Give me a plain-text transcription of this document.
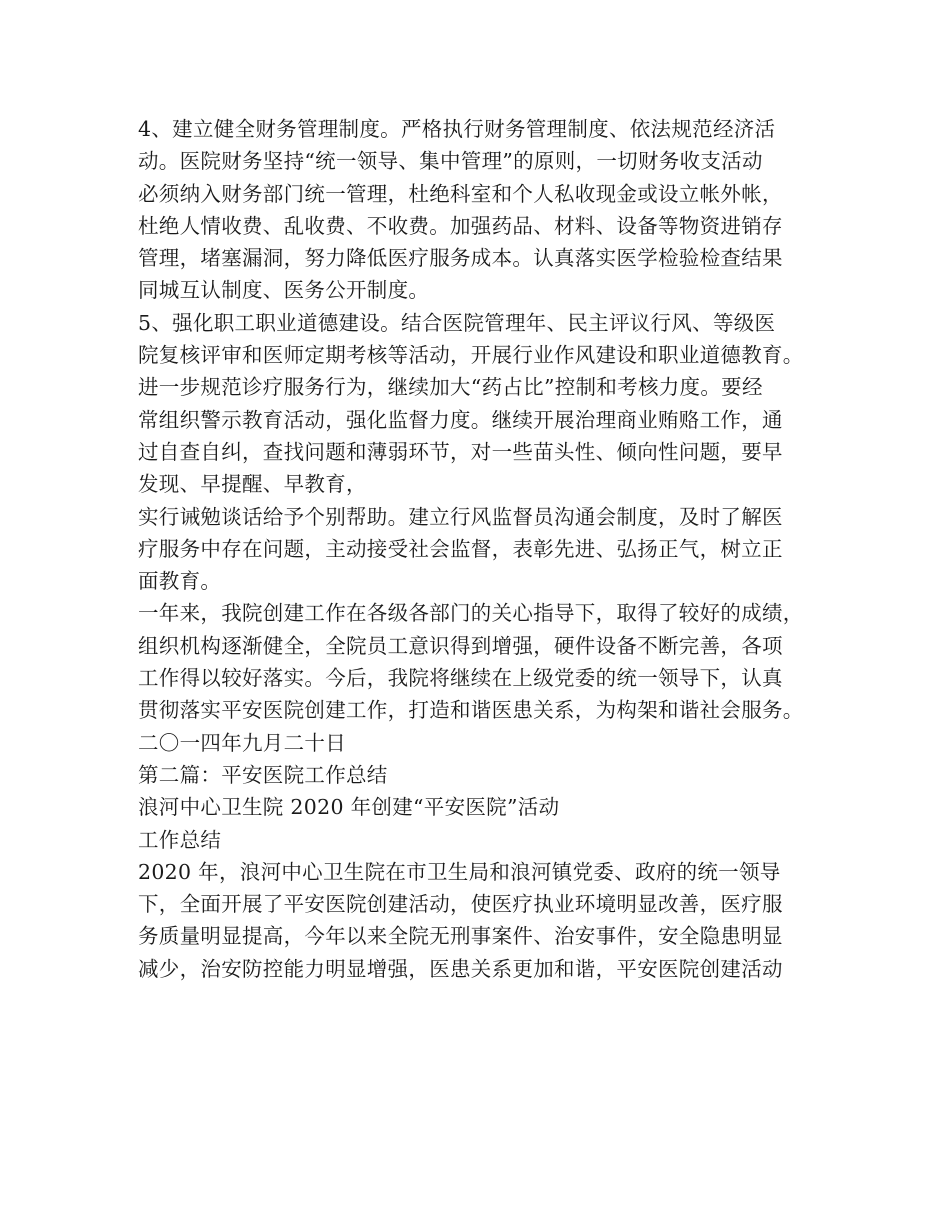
4、建立健全财务管理制度。严格执行财务管理制度、依法规范经济活
动。医院财务坚持“统一领导、集中管理”的原则，一切财务收支活动
必须纳入财务部门统一管理，杜绝科室和个人私收现金或设立帐外帐，
杜绝人情收费、乱收费、不收费。加强药品、材料、设备等物资进销存
管理，堵塞漏洞，努力降低医疗服务成本。认真落实医学检验检查结果
同城互认制度、医务公开制度。
5、强化职工职业道德建设。结合医院管理年、民主评议行风、等级医
院复核评审和医师定期考核等活动，开展行业作风建设和职业道德教育。
进一步规范诊疗服务行为，继续加大“药占比”控制和考核力度。要经
常组织警示教育活动，强化监督力度。继续开展治理商业贿赂工作，通
过自查自纠，查找问题和薄弱环节，对一些苗头性、倾向性问题，要早
发现、早提醒、早教育，
实行诫勉谈话给予个别帮助。建立行风监督员沟通会制度，及时了解医
疗服务中存在问题，主动接受社会监督，表彰先进、弘扬正气，树立正
面教育。
一年来，我院创建工作在各级各部门的关心指导下，取得了较好的成绩，
组织机构逐渐健全，全院员工意识得到增强，硬件设备不断完善，各项
工作得以较好落实。今后，我院将继续在上级党委的统一领导下，认真
贯彻落实平安医院创建工作，打造和谐医患关系，为构架和谐社会服务。
二〇一四年九月二十日
第二篇：平安医院工作总结
浪河中心卫生院 2020 年创建“平安医院”活动
工作总结
2020 年，浪河中心卫生院在市卫生局和浪河镇党委、政府的统一领导
下，全面开展了平安医院创建活动，使医疗执业环境明显改善，医疗服
务质量明显提高，今年以来全院无刑事案件、治安事件，安全隐患明显
减少，治安防控能力明显增强，医患关系更加和谐，平安医院创建活动
